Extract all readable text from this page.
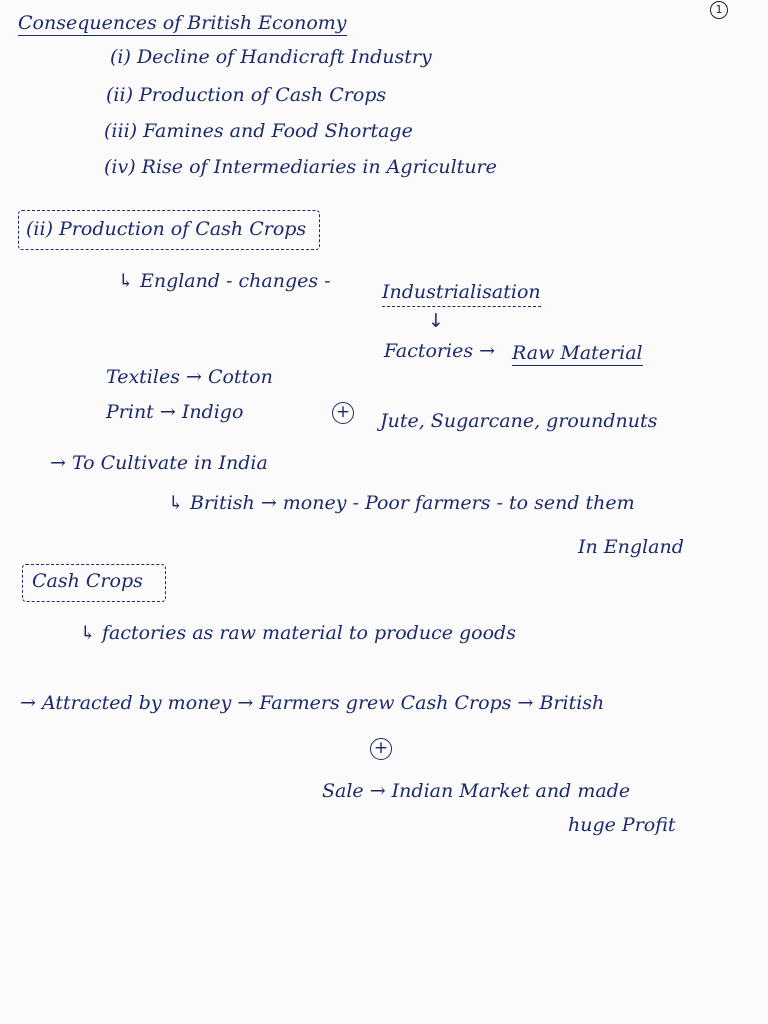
1
Consequences of British Economy
(i) Decline of Handicraft Industry
(ii) Production of Cash Crops
(iii) Famines and Food Shortage
(iv) Rise of Intermediaries in Agriculture
(ii) Production of Cash Crops
↳ England - changes -	Industrialisation
↓
Factories → Raw Material
Textiles → Cotton
Print → Indigo	+ Jute, Sugarcane, groundnuts
→ To Cultivate in India
↳ British → money - Poor farmers - to send them
In England
Cash Crops
↳ factories as raw material to produce goods
→ Attracted by money → Farmers grew Cash Crops → British
+
Sale → Indian Market and made
huge Profit
